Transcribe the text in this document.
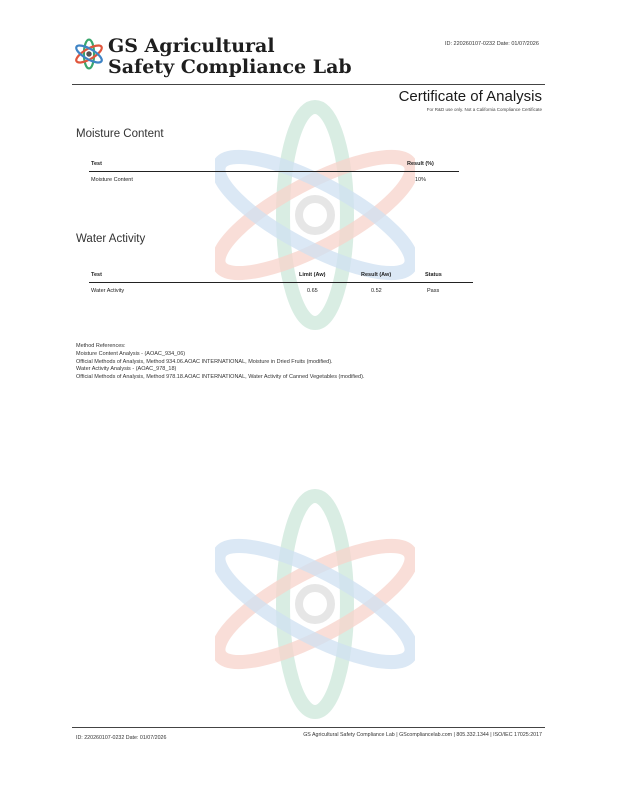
GS Agricultural
Safety Compliance Lab
ID: 220260107-0232 Date: 01/07/2026
Certificate of Analysis
For R&D use only. Not a California Compliance Certificate
Moisture Content
Test	Result (%)
Moisture Content	10%
Water Activity
Test	Limit (Aw)	Result (Aw)	Status
Water Activity	0.65	0.52	Pass
Method References:
Moisture Content Analysis - (AOAC_934_06)
Official Methods of Analysis, Method 934.06.AOAC INTERNATIONAL, Moisture in Dried Fruits (modified).
Water Activity Analysis - (AOAC_978_18)
Official Methods of Analysis, Method 978.18.AOAC INTERNATIONAL, Water Activity of Canned Vegetables (modified).
ID: 220260107-0232 Date: 01/07/2026	GS Agricultural Safety Compliance Lab | GScompliancelab.com | 805.332.1344 | ISO/IEC 17025:2017
